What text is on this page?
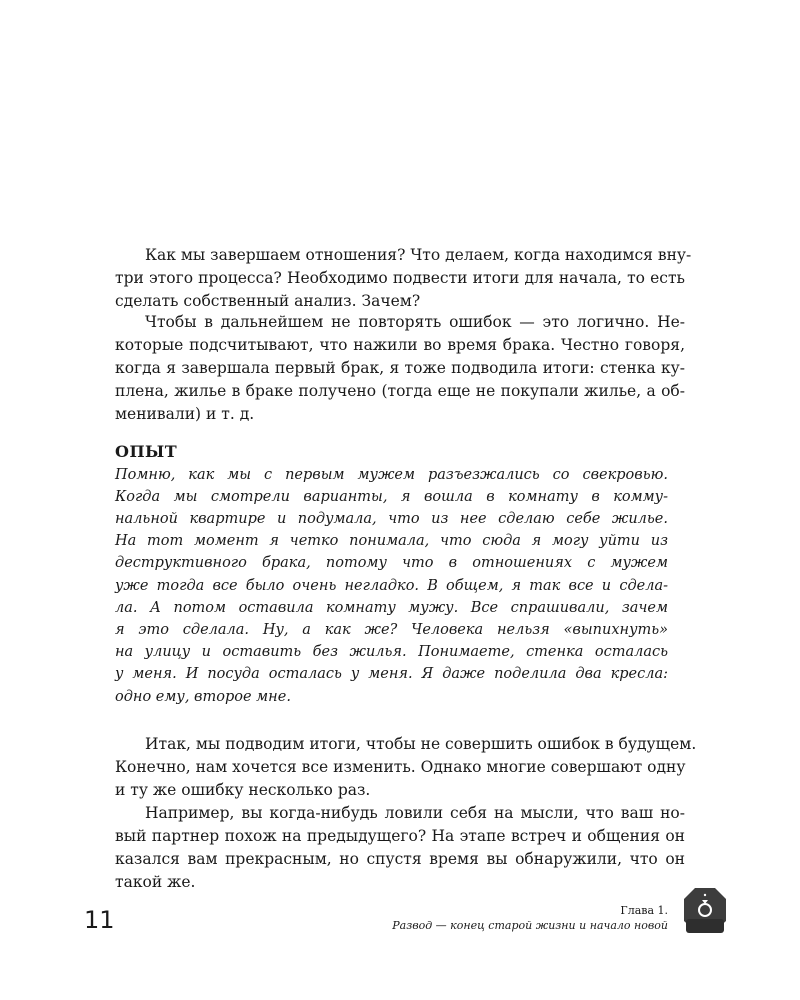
Как мы завершаем отношения? Что делаем, когда находимся вну-
три этого процесса? Необходимо подвести итоги для начала, то есть
сделать собственный анализ. Зачем?
Чтобы в дальнейшем не повторять ошибок — это логично. Не-
которые подсчитывают, что нажили во время брака. Честно говоря,
когда я завершала первый брак, я тоже подводила итоги: стенка ку-
плена, жилье в браке получено (тогда еще не покупали жилье, а об-
менивали) и т. д.
ОПЫТ
Помню, как мы с первым мужем разъезжались со свекровью.
Когда мы смотрели варианты, я вошла в комнату в комму-
нальной квартире и подумала, что из нее сделаю себе жилье.
На тот момент я четко понимала, что сюда я могу уйти из
деструктивного брака, потому что в отношениях с мужем
уже тогда все было очень негладко. В общем, я так все и сдела-
ла. А потом оставила комнату мужу. Все спрашивали, зачем
я это сделала. Ну, а как же? Человека нельзя «выпихнуть»
на улицу и оставить без жилья. Понимаете, стенка осталась
у меня. И посуда осталась у меня. Я даже поделила два кресла:
одно ему, второе мне.
Итак, мы подводим итоги, чтобы не совершить ошибок в будущем.
Конечно, нам хочется все изменить. Однако многие совершают одну
и ту же ошибку несколько раз.
Например, вы когда-нибудь ловили себя на мысли, что ваш но-
вый партнер похож на предыдущего? На этапе встреч и общения он
казался вам прекрасным, но спустя время вы обнаружили, что он
такой же.
11	Глава 1.
Развод — конец старой жизни и начало новой
